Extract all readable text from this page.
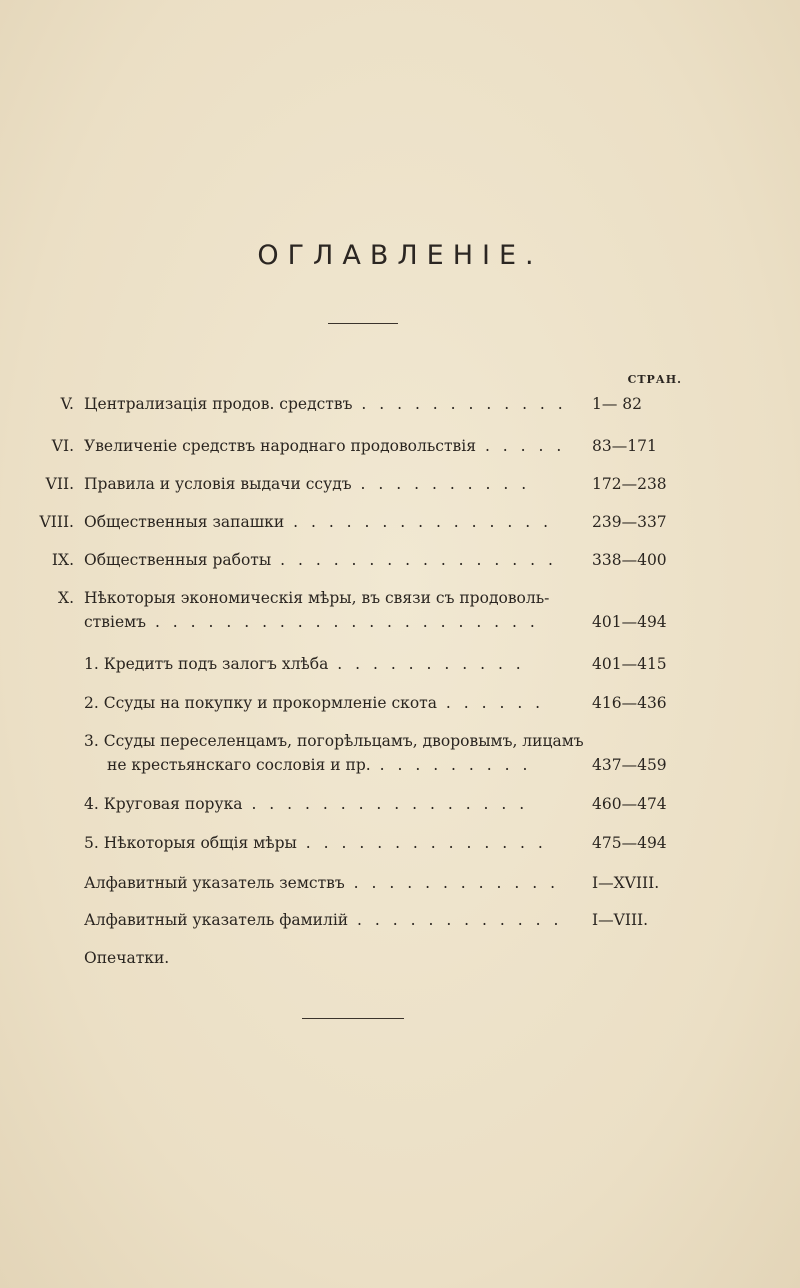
ОГЛАВЛЕНІЕ.
СТРАН.
V. Централизація продов. средствъ . . . . . . . . . . . .	1— 82
VI. Увеличеніе средствъ народнаго продовольствія . . . . .	83—171
VII. Правила и условія выдачи ссудъ . . . . . . . . . .	172—238
VIII. Общественныя запашки . . . . . . . . . . . . . . .	239—337
IX. Общественныя работы . . . . . . . . . . . . . . . .	338—400
X. Нѣкоторыя экономическія мѣры, въ связи съ продоволь-
ствіемъ . . . . . . . . . . . . . . . . . . . . . .	401—494
1. Кредитъ подъ залогъ хлѣба . . . . . . . . . . .	401—415
2. Ссуды на покупку и прокормленіе скота . . . . . .	416—436
3. Ссуды переселенцамъ, погорѣльцамъ, дворовымъ, лицамъ
не крестьянскаго сословія и пр. . . . . . . . . .	437—459
4. Круговая порука . . . . . . . . . . . . . . . .	460—474
5. Нѣкоторыя общія мѣры . . . . . . . . . . . . . .	475—494
Алфавитный указатель земствъ . . . . . . . . . . . .	I—XVIII.
Алфавитный указатель фамилій . . . . . . . . . . . .	I—VIII.
Опечатки.
